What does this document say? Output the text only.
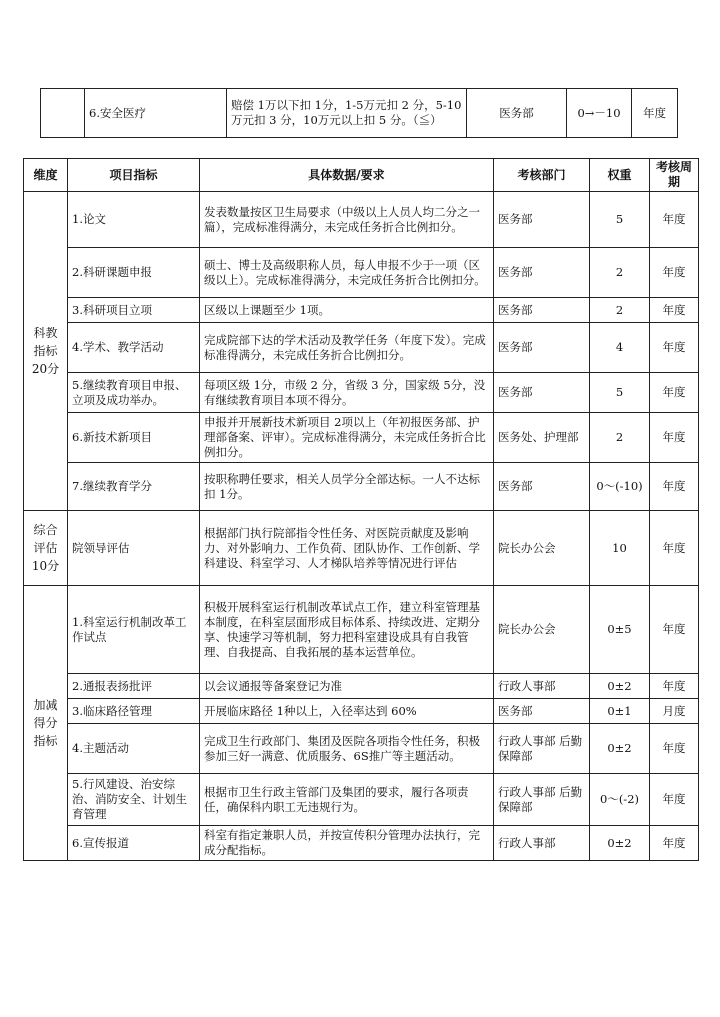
	6.安全医疗	赔偿 1万以下扣 1分，1-5万元扣 2 分，5-10万元扣 3 分，10万元以上扣 5 分。（≦）	医务部	0→－10	年度
维度	项目指标	具体数据/要求	考核部门	权重	考核周期
科教指标20分	1.论文	发表数量按区卫生局要求（中级以上人员人均二分之一篇），完成标准得满分，未完成任务折合比例扣分。	医务部	5	年度
	2.科研课题申报	硕士、博士及高级职称人员，每人申报不少于一项（区级以上）。完成标准得满分，未完成任务折合比例扣分。	医务部	2	年度
	3.科研项目立项	区级以上课题至少 1项。	医务部	2	年度
	4.学术、教学活动	完成院部下达的学术活动及教学任务（年度下发）。完成标准得满分，未完成任务折合比例扣分。	医务部	4	年度
	5.继续教育项目申报、立项及成功举办。	每项区级 1分，市级 2 分，省级 3 分，国家级 5分，没有继续教育项目本项不得分。	医务部	5	年度
	6.新技术新项目	申报并开展新技术新项目 2项以上（年初报医务部、护理部备案、评审）。完成标准得满分，未完成任务折合比例扣分。	医务处、护理部	2	年度
	7.继续教育学分	按职称聘任要求，相关人员学分全部达标。一人不达标扣 1分。	医务部	0～(-10)	年度
综合评估10分	院领导评估	根据部门执行院部指令性任务、对医院贡献度及影响力、对外影响力、工作负荷、团队协作、工作创新、学科建设、科室学习、人才梯队培养等情况进行评估	院长办公会	10	年度
加减得分指标	1.科室运行机制改革工作试点	积极开展科室运行机制改革试点工作，建立科室管理基本制度，在科室层面形成目标体系、持续改进、定期分享、快速学习等机制，努力把科室建设成具有自我管理、自我提高、自我拓展的基本运营单位。	院长办公会	0±5	年度
	2.通报表扬批评	以会议通报等备案登记为准	行政人事部	0±2	年度
	3.临床路径管理	开展临床路径 1种以上，入径率达到 60%	医务部	0±1	月度
	4.主题活动	完成卫生行政部门、集团及医院各项指令性任务，积极参加三好一满意、优质服务、6S推广等主题活动。	行政人事部 后勤保障部	0±2	年度
	5.行风建设、治安综治、消防安全、计划生育管理	根据市卫生行政主管部门及集团的要求，履行各项责任，确保科内职工无违规行为。	行政人事部 后勤保障部	0～(-2)	年度
	6.宣传报道	科室有指定兼职人员，并按宣传积分管理办法执行，完成分配指标。	行政人事部	0±2	年度
